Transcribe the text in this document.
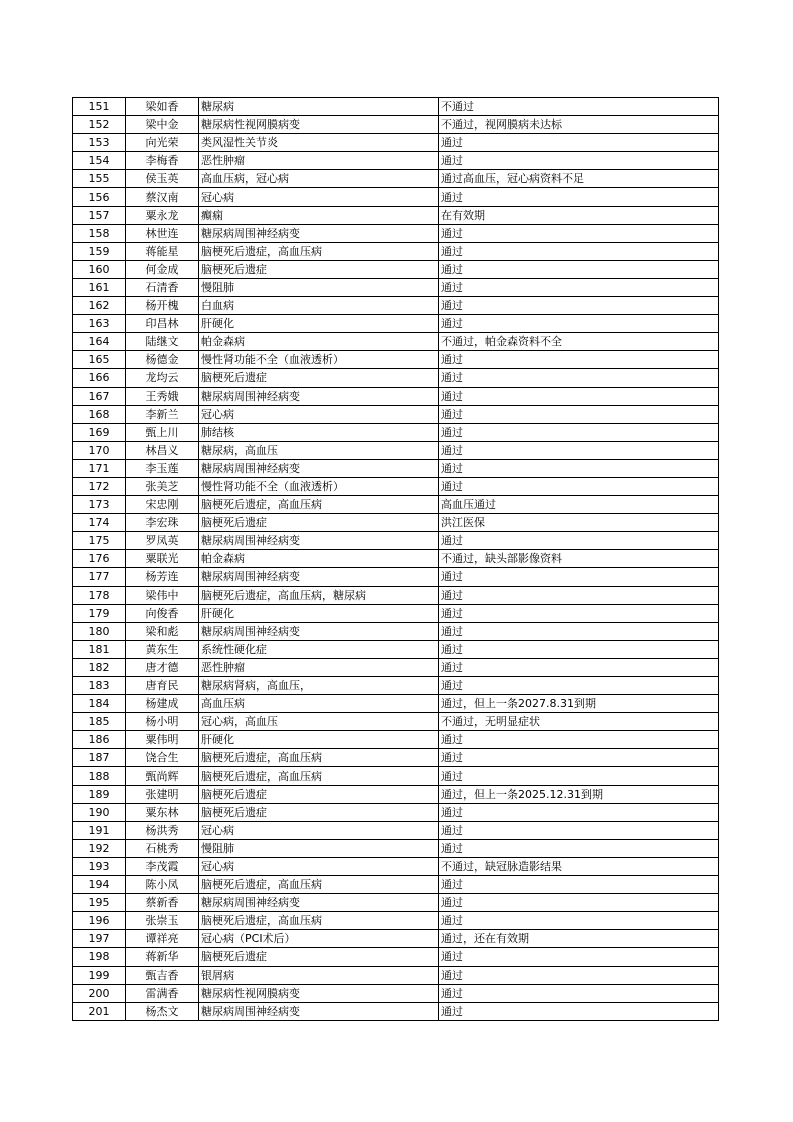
151	梁如香	糖尿病	不通过
152	梁中金	糖尿病性视网膜病变	不通过，视网膜病未达标
153	向光荣	类风湿性关节炎	通过
154	李梅香	恶性肿瘤	通过
155	侯玉英	高血压病，冠心病	通过高血压，冠心病资料不足
156	蔡汉南	冠心病	通过
157	粟永龙	癫痫	在有效期
158	林世连	糖尿病周围神经病变	通过
159	蒋能星	脑梗死后遗症，高血压病	通过
160	何金成	脑梗死后遗症	通过
161	石清香	慢阻肺	通过
162	杨开槐	白血病	通过
163	印昌林	肝硬化	通过
164	陆继文	帕金森病	不通过，帕金森资料不全
165	杨德金	慢性肾功能不全（血液透析）	通过
166	龙均云	脑梗死后遗症	通过
167	王秀娥	糖尿病周围神经病变	通过
168	李新兰	冠心病	通过
169	甄上川	肺结核	通过
170	林昌义	糖尿病，高血压	通过
171	李玉莲	糖尿病周围神经病变	通过
172	张美芝	慢性肾功能不全（血液透析）	通过
173	宋忠刚	脑梗死后遗症，高血压病	高血压通过
174	李宏珠	脑梗死后遗症	洪江医保
175	罗凤英	糖尿病周围神经病变	通过
176	粟联光	帕金森病	不通过，缺头部影像资料
177	杨芳连	糖尿病周围神经病变	通过
178	梁伟中	脑梗死后遗症，高血压病，糖尿病	通过
179	向俊香	肝硬化	通过
180	梁和彪	糖尿病周围神经病变	通过
181	黄东生	系统性硬化症	通过
182	唐才德	恶性肿瘤	通过
183	唐育民	糖尿病肾病，高血压，	通过
184	杨建成	高血压病	通过，但上一条2027.8.31到期
185	杨小明	冠心病，高血压	不通过，无明显症状
186	粟伟明	肝硬化	通过
187	饶合生	脑梗死后遗症，高血压病	通过
188	甄尚辉	脑梗死后遗症，高血压病	通过
189	张建明	脑梗死后遗症	通过，但上一条2025.12.31到期
190	粟东林	脑梗死后遗症	通过
191	杨洪秀	冠心病	通过
192	石桃秀	慢阻肺	通过
193	李茂霞	冠心病	不通过，缺冠脉造影结果
194	陈小凤	脑梗死后遗症，高血压病	通过
195	蔡新香	糖尿病周围神经病变	通过
196	张崇玉	脑梗死后遗症，高血压病	通过
197	谭祥亮	冠心病（PCI术后）	通过，还在有效期
198	蒋新华	脑梗死后遗症	通过
199	甄吉香	银屑病	通过
200	雷满香	糖尿病性视网膜病变	通过
201	杨杰文	糖尿病周围神经病变	通过
